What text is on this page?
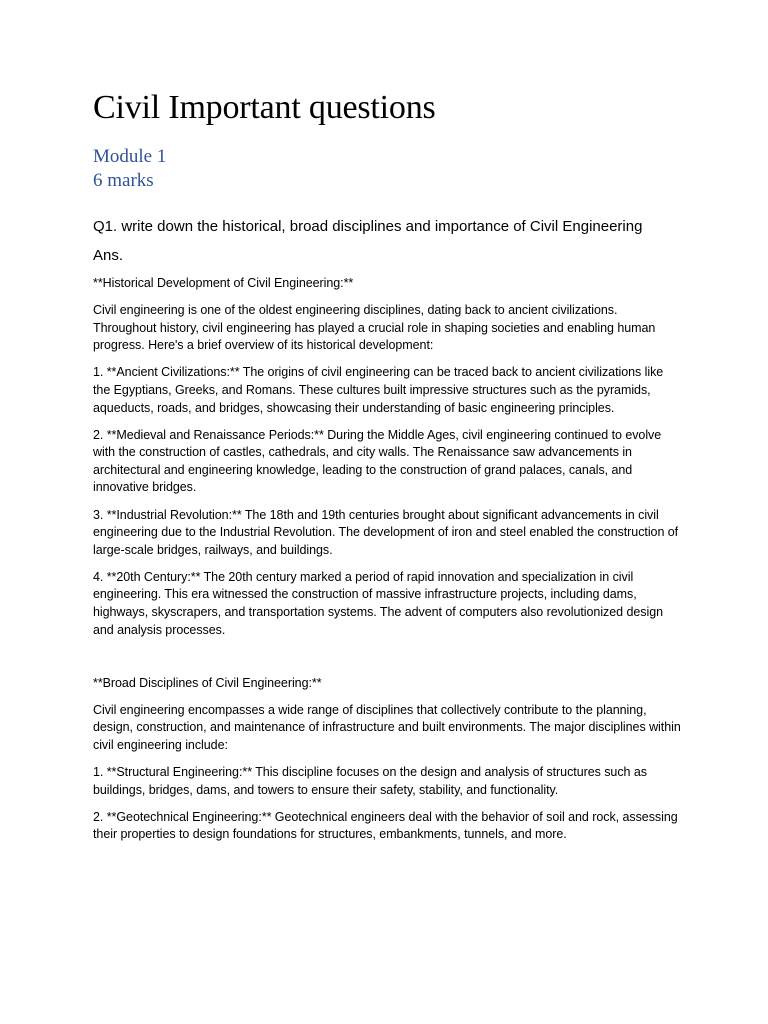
Civil Important questions
Module 1
6 marks

Q1. write down the historical, broad disciplines and importance of Civil Engineering

Ans.

**Historical Development of Civil Engineering:**

Civil engineering is one of the oldest engineering disciplines, dating back to ancient civilizations. Throughout history, civil engineering has played a crucial role in shaping societies and enabling human progress. Here's a brief overview of its historical development:

1. **Ancient Civilizations:** The origins of civil engineering can be traced back to ancient civilizations like the Egyptians, Greeks, and Romans. These cultures built impressive structures such as the pyramids, aqueducts, roads, and bridges, showcasing their understanding of basic engineering principles.

2. **Medieval and Renaissance Periods:** During the Middle Ages, civil engineering continued to evolve with the construction of castles, cathedrals, and city walls. The Renaissance saw advancements in architectural and engineering knowledge, leading to the construction of grand palaces, canals, and innovative bridges.

3. **Industrial Revolution:** The 18th and 19th centuries brought about significant advancements in civil engineering due to the Industrial Revolution. The development of iron and steel enabled the construction of large-scale bridges, railways, and buildings.

4. **20th Century:** The 20th century marked a period of rapid innovation and specialization in civil engineering. This era witnessed the construction of massive infrastructure projects, including dams, highways, skyscrapers, and transportation systems. The advent of computers also revolutionized design and analysis processes.

**Broad Disciplines of Civil Engineering:**

Civil engineering encompasses a wide range of disciplines that collectively contribute to the planning, design, construction, and maintenance of infrastructure and built environments. The major disciplines within civil engineering include:

1. **Structural Engineering:** This discipline focuses on the design and analysis of structures such as buildings, bridges, dams, and towers to ensure their safety, stability, and functionality.

2. **Geotechnical Engineering:** Geotechnical engineers deal with the behavior of soil and rock, assessing their properties to design foundations for structures, embankments, tunnels, and more.
